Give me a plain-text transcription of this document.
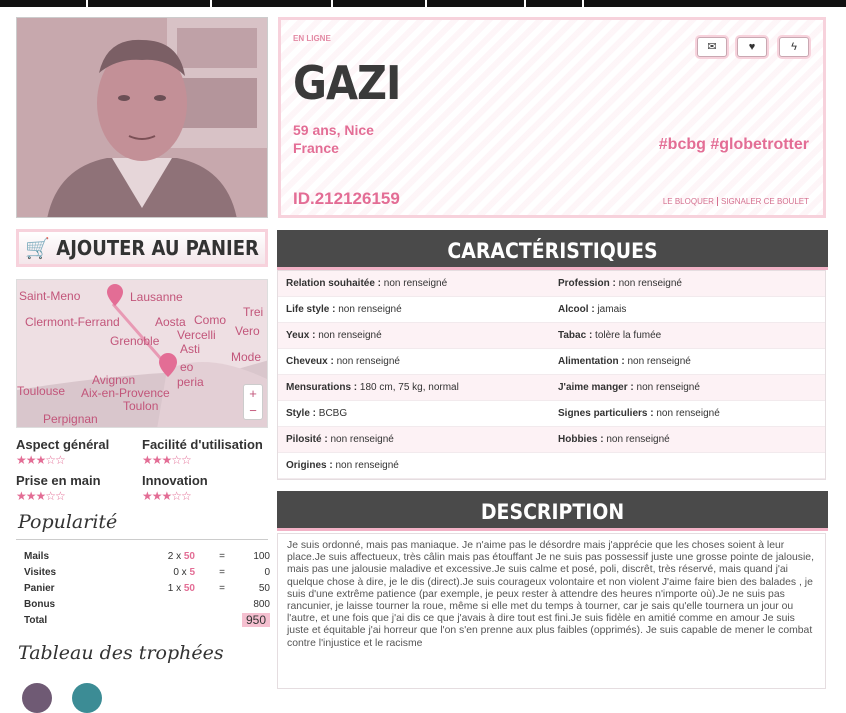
EN LIGNE
GAZI
59 ans, Nice
France	#bcbg #globetrotter
ID.212126159	LE BLOQUER SIGNALER CE BOULET
✉	♥	ϟ
🛒 AJOUTER AU PANIER
Saint-Meno	Lausanne
Clermont-Ferrand	Aosta Como
Vercelli
Trei
Grenoble
Asti
Vero
Mode
Avignon
Aix-en-Provence
Toulon
Toulouse
Perpignan
eo
peria
+
−
Aspect général
★★★☆☆
Facilité d'utilisation
★★★☆☆
Prise en main
★★★☆☆
Innovation
★★★☆☆
Popularité
Mails	2 x 50	=	100
Visites	0 x 5	=	0
Panier	1 x 50	=	50
Bonus			800
Total			950
Tableau des trophées
CARACTÉRISTIQUES
Relation souhaitée : non renseigné	Profession : non renseigné
Life style : non renseigné	Alcool : jamais
Yeux : non renseigné	Tabac : tolère la fumée
Cheveux : non renseigné	Alimentation : non renseigné
Mensurations : 180 cm, 75 kg, normal	J'aime manger : non renseigné
Style : BCBG	Signes particuliers : non renseigné
Pilosité : non renseigné	Hobbies : non renseigné
Origines : non renseigné
DESCRIPTION
Je suis ordonné, mais pas maniaque. Je n'aime pas le désordre mais j'apprécie que les choses soient à leur place.Je suis affectueux, très câlin mais pas étouffant Je ne suis pas possessif juste une grosse pointe de jalousie, mais pas une jalousie maladive et excessive.Je suis calme et posé, poli, discrêt, très réservé, mais quand j'ai quelque chose à dire, je le dis (direct).Je suis courageux volontaire et non violent J'aime faire bien des balades , je suis d'une extrême patience (par exemple, je peux rester à attendre des heures n'importe où).Je ne suis pas rancunier, je laisse tourner la roue, même si elle met du temps à tourner, car je sais qu'elle tournera un jour ou l'autre, et une fois que j'ai dis ce que j'avais à dire tout est fini.Je suis fidèle en amitié comme en amour Je suis juste et équitable j'ai horreur que l'on s'en prenne aux plus faibles (opprimés). Je suis capable de mener le combat contre l'injustice et le racisme
